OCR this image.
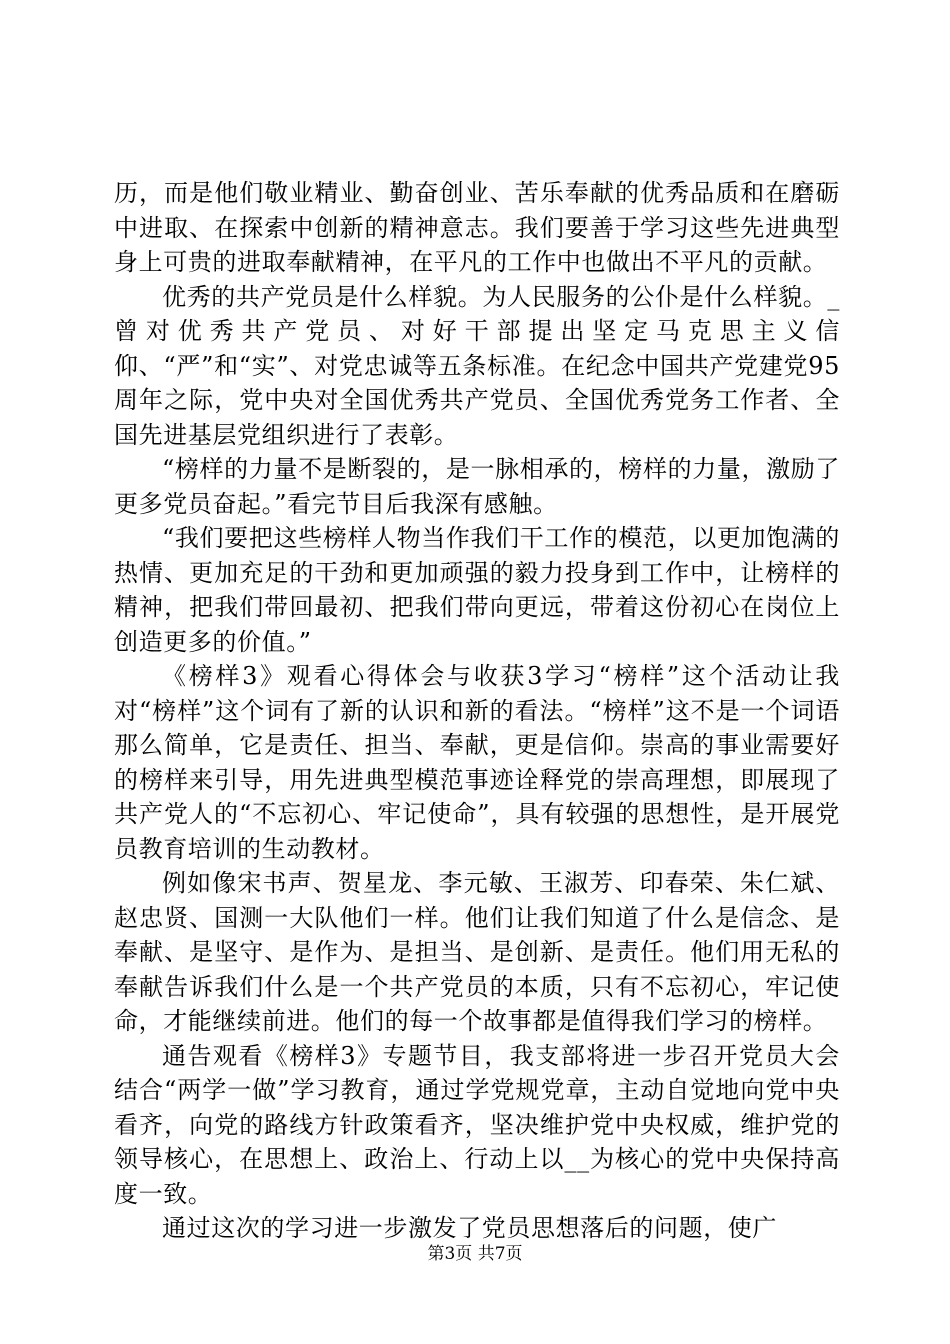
历，而是他们敬业精业、勤奋创业、苦乐奉献的优秀品质和在磨砺中进取、在探索中创新的精神意志。我们要善于学习这些先进典型身上可贵的进取奉献精神，在平凡的工作中也做出不平凡的贡献。

优秀的共产党员是什么样貌。为人民服务的公仆是什么样貌。_曾对优秀共产党员、对好干部提出坚定马克思主义信仰、“严”和“实”、对党忠诚等五条标准。在纪念中国共产党建党95周年之际，党中央对全国优秀共产党员、全国优秀党务工作者、全国先进基层党组织进行了表彰。

“榜样的力量不是断裂的，是一脉相承的，榜样的力量，激励了更多党员奋起。”看完节目后我深有感触。

“我们要把这些榜样人物当作我们干工作的模范，以更加饱满的热情、更加充足的干劲和更加顽强的毅力投身到工作中，让榜样的精神，把我们带回最初、把我们带向更远，带着这份初心在岗位上创造更多的价值。”

《榜样3》观看心得体会与收获3学习“榜样”这个活动让我对“榜样”这个词有了新的认识和新的看法。“榜样”这不是一个词语那么简单，它是责任、担当、奉献，更是信仰。崇高的事业需要好的榜样来引导，用先进典型模范事迹诠释党的崇高理想，即展现了共产党人的“不忘初心、牢记使命”，具有较强的思想性，是开展党员教育培训的生动教材。

例如像宋书声、贺星龙、李元敏、王淑芳、印春荣、朱仁斌、赵忠贤、国测一大队他们一样。他们让我们知道了什么是信念、是奉献、是坚守、是作为、是担当、是创新、是责任。他们用无私的奉献告诉我们什么是一个共产党员的本质，只有不忘初心，牢记使命，才能继续前进。他们的每一个故事都是值得我们学习的榜样。

通告观看《榜样3》专题节目，我支部将进一步召开党员大会结合“两学一做”学习教育，通过学党规党章，主动自觉地向党中央看齐，向党的路线方针政策看齐，坚决维护党中央权威，维护党的领导核心，在思想上、政治上、行动上以__为核心的党中央保持高度一致。

通过这次的学习进一步激发了党员思想落后的问题，使广

第3页 共7页
